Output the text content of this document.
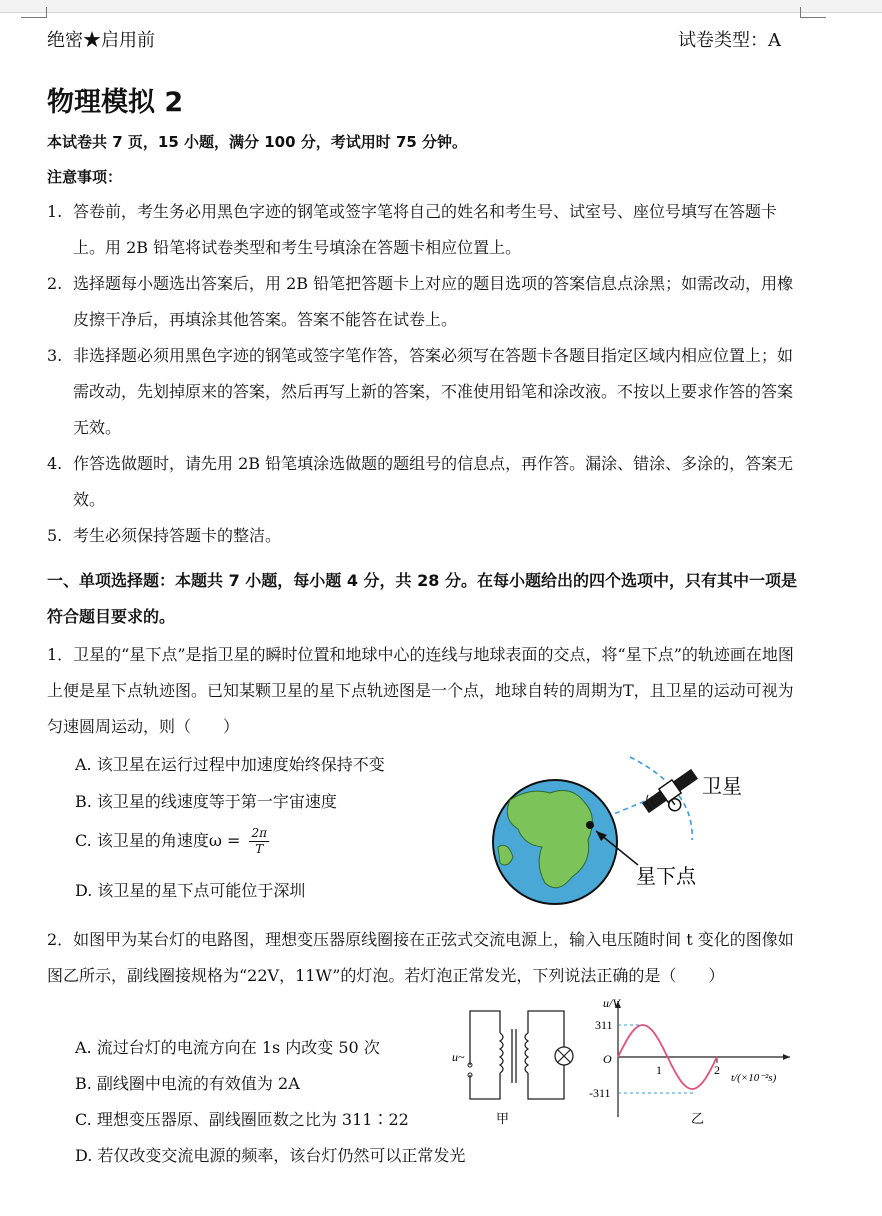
绝密★启用前	试卷类型：A
物理模拟 2
本试卷共 7 页，15 小题，满分 100 分，考试用时 75 分钟。
注意事项：
1. 答卷前，考生务必用黑色字迹的钢笔或签字笔将自己的姓名和考生号、试室号、座位号填写在答题卡上。用 2B 铅笔将试卷类型和考生号填涂在答题卡相应位置上。
2. 选择题每小题选出答案后，用 2B 铅笔把答题卡上对应的题目选项的答案信息点涂黑；如需改动，用橡皮擦干净后，再填涂其他答案。答案不能答在试卷上。
3. 非选择题必须用黑色字迹的钢笔或签字笔作答，答案必须写在答题卡各题目指定区域内相应位置上；如需改动，先划掉原来的答案，然后再写上新的答案，不准使用铅笔和涂改液。不按以上要求作答的答案无效。
4. 作答选做题时，请先用 2B 铅笔填涂选做题的题组号的信息点，再作答。漏涂、错涂、多涂的，答案无效。
5. 考生必须保持答题卡的整洁。
一、单项选择题：本题共 7 小题，每小题 4 分，共 28 分。在每小题给出的四个选项中，只有其中一项是符合题目要求的。
1．卫星的“星下点”是指卫星的瞬时位置和地球中心的连线与地球表面的交点，将“星下点”的轨迹画在地图上便是星下点轨迹图。已知某颗卫星的星下点轨迹图是一个点，地球自转的周期为T，且卫星的运动可视为匀速圆周运动，则（　　）
A. 该卫星在运行过程中加速度始终保持不变
B. 该卫星的线速度等于第一宇宙速度
C. 该卫星的角速度$\omega = \frac{2\pi}{T}$
D. 该卫星的星下点可能位于深圳
卫星
星下点
2．如图甲为某台灯的电路图，理想变压器原线圈接在正弦式交流电源上，输入电压随时间 t 变化的图像如图乙所示，副线圈接规格为“22V，11W”的灯泡。若灯泡正常发光，下列说法正确的是（　　）
A. 流过台灯的电流方向在 1s 内改变 50 次
B. 副线圈中电流的有效值为 2A
C. 理想变压器原、副线圈匝数之比为 311∶22
D. 若仅改变交流电源的频率，该台灯仍然可以正常发光
u~
甲
u/V
311
O
-311
1	2
t/(×10⁻²s)
乙
